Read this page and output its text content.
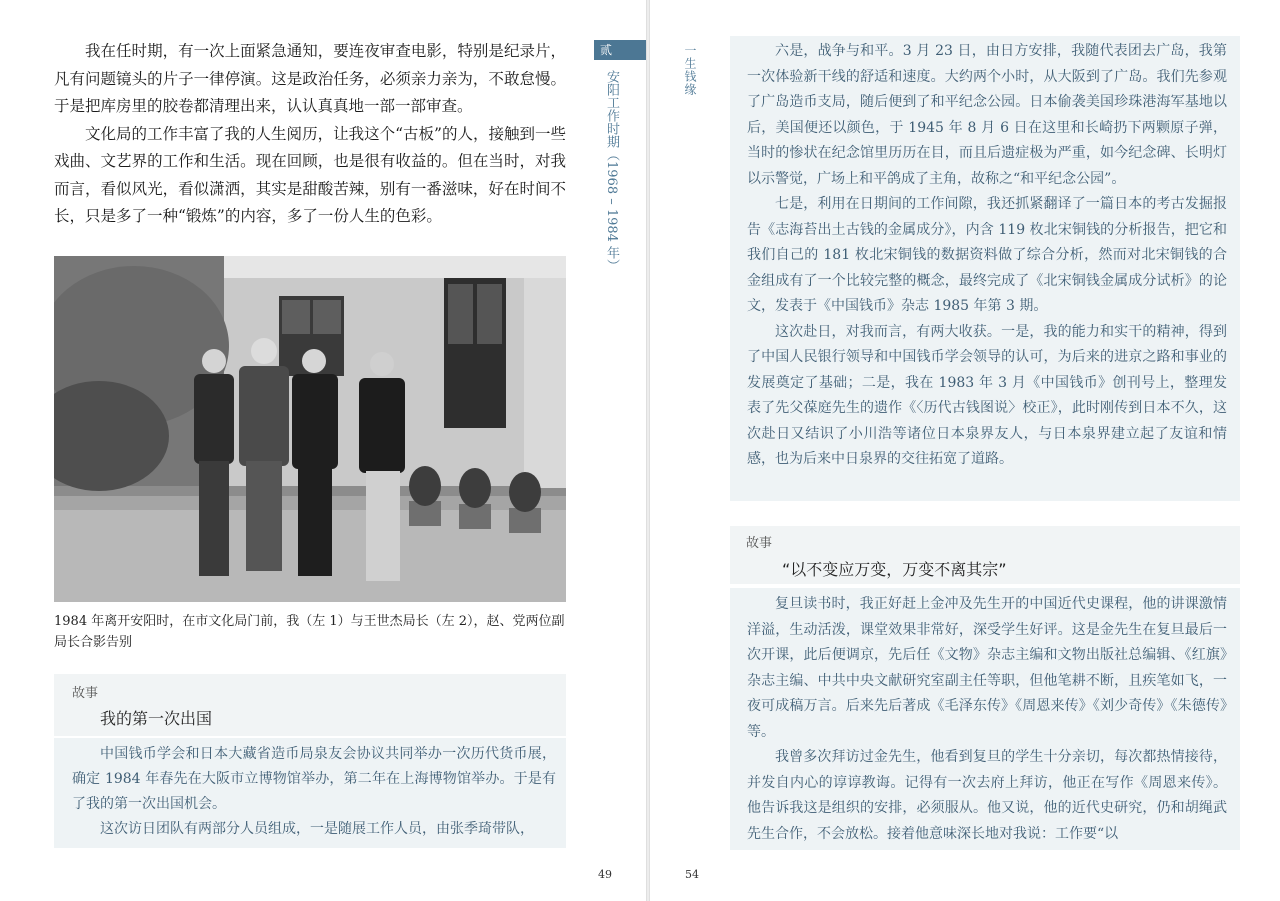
我在任时期，有一次上面紧急通知，要连夜审查电影，特别是纪录片，凡有问题镜头的片子一律停演。这是政治任务，必须亲力亲为，不敢怠慢。于是把库房里的胶卷都清理出来，认认真真地一部一部审查。

文化局的工作丰富了我的人生阅历，让我这个“古板”的人，接触到一些戏曲、文艺界的工作和生活。现在回顾，也是很有收益的。但在当时，对我而言，看似风光，看似潇洒，其实是甜酸苦辣，别有一番滋味，好在时间不长，只是多了一种“锻炼”的内容，多了一份人生的色彩。

1984 年离开安阳时，在市文化局门前，我（左 1）与王世杰局长（左 2），赵、党两位副局长合影告别
故事
我的第一次出国

中国钱币学会和日本大藏省造币局泉友会协议共同举办一次历代货币展，确定 1984 年春先在大阪市立博物馆举办，第二年在上海博物馆举办。于是有了我的第一次出国机会。

这次访日团队有两部分人员组成，一是随展工作人员，由张季琦带队，

贰
安阳工作时期（1968 – 1984 年）
49
一生钱缘	六是，战争与和平。3 月 23 日，由日方安排，我随代表团去广岛，我第一次体验新干线的舒适和速度。大约两个小时，从大阪到了广岛。我们先参观了广岛造币支局，随后便到了和平纪念公园。日本偷袭美国珍珠港海军基地以后，美国便还以颜色，于 1945 年 8 月 6 日在这里和长崎扔下两颗原子弹，当时的惨状在纪念馆里历历在目，而且后遗症极为严重，如今纪念碑、长明灯以示警觉，广场上和平鸽成了主角，故称之“和平纪念公园”。

七是，利用在日期间的工作间隙，我还抓紧翻译了一篇日本的考古发掘报告《志海苔出土古钱的金属成分》，内含 119 枚北宋铜钱的分析报告，把它和我们自己的 181 枚北宋铜钱的数据资料做了综合分析，然而对北宋铜钱的合金组成有了一个比较完整的概念，最终完成了《北宋铜钱金属成分试析》的论文，发表于《中国钱币》杂志 1985 年第 3 期。

这次赴日，对我而言，有两大收获。一是，我的能力和实干的精神，得到了中国人民银行领导和中国钱币学会领导的认可，为后来的进京之路和事业的发展奠定了基础；二是，我在 1983 年 3 月《中国钱币》创刊号上，整理发表了先父葆庭先生的遗作《〈历代古钱图说〉校正》，此时刚传到日本不久，这次赴日又结识了小川浩等诸位日本泉界友人，与日本泉界建立起了友谊和情感，也为后来中日泉界的交往拓宽了道路。

故事
“以不变应万变，万变不离其宗”

复旦读书时，我正好赶上金冲及先生开的中国近代史课程，他的讲课激情洋溢，生动活泼，课堂效果非常好，深受学生好评。这是金先生在复旦最后一次开课，此后便调京，先后任《文物》杂志主编和文物出版社总编辑、《红旗》杂志主编、中共中央文献研究室副主任等职，但他笔耕不断，且疾笔如飞，一夜可成稿万言。后来先后著成《毛泽东传》《周恩来传》《刘少奇传》《朱德传》等。

我曾多次拜访过金先生，他看到复旦的学生十分亲切，每次都热情接待，并发自内心的谆谆教诲。记得有一次去府上拜访，他正在写作《周恩来传》。他告诉我这是组织的安排，必须服从。他又说，他的近代史研究，仍和胡绳武先生合作，不会放松。接着他意味深长地对我说：工作要“以

54
